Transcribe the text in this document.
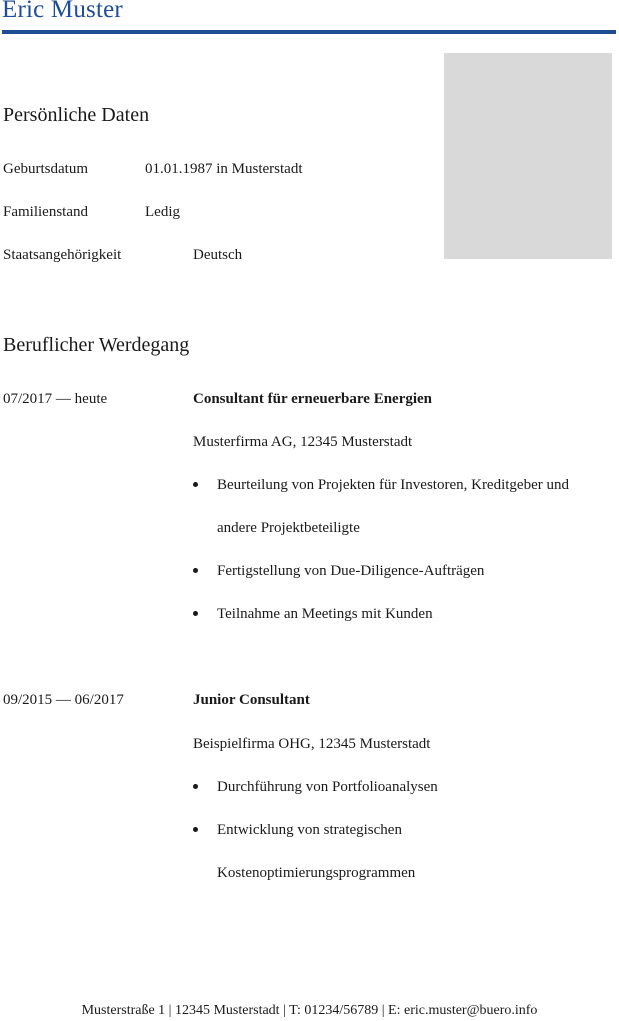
Eric Muster
Persönliche Daten
Geburtsdatum	01.01.1987 in Musterstadt
Familienstand	Ledig
Staatsangehörigkeit	Deutsch
Beruflicher Werdegang
07/2017 — heute	Consultant für erneuerbare Energien
Musterfirma AG, 12345 Musterstadt
Beurteilung von Projekten für Investoren, Kreditgeber und
andere Projektbeteiligte
Fertigstellung von Due-Diligence-Aufträgen
Teilnahme an Meetings mit Kunden
09/2015 — 06/2017	Junior Consultant
Beispielfirma OHG, 12345 Musterstadt
Durchführung von Portfolioanalysen
Entwicklung von strategischen
Kostenoptimierungsprogrammen
Musterstraße 1 | 12345 Musterstadt | T: 01234/56789 | E: eric.muster@buero.info
